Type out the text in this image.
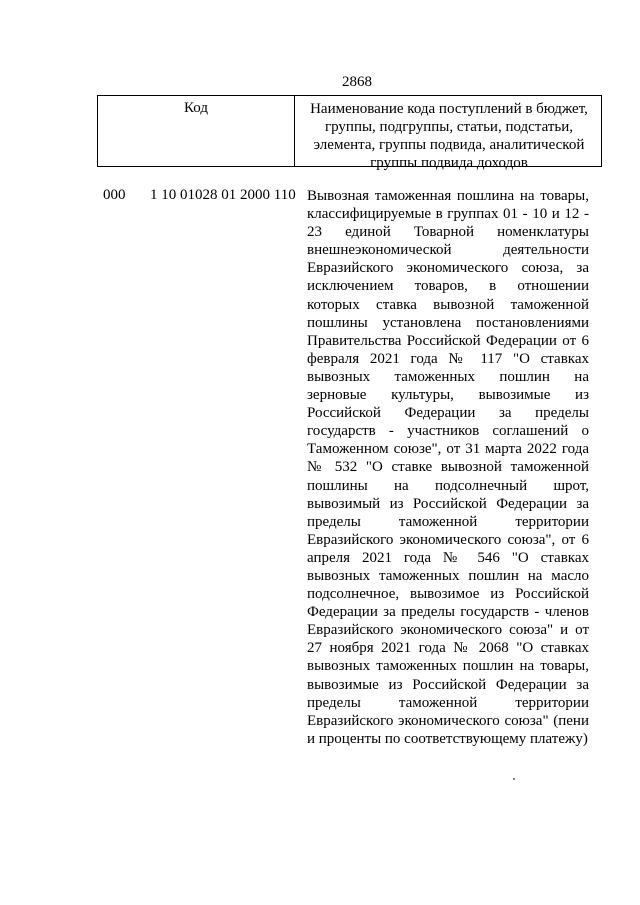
2868
Код	Наименование кода поступлений в бюджет, группы, подгруппы, статьи, подстатьи, элемента, группы подвида, аналитической группы подвида доходов
000 1 10 01028 01 2000 110 Вывозная таможенная пошлина на товары, классифицируемые в группах 01 - 10 и 12 - 23 единой Товарной номенклатуры внешнеэкономической деятельности Евразийского экономического союза, за исключением товаров, в отношении которых ставка вывозной таможенной пошлины установлена постановлениями Правительства Российской Федерации от 6 февраля 2021 года № 117 "О ставках вывозных таможенных пошлин на зерновые культуры, вывозимые из Российской Федерации за пределы государств - участников соглашений о Таможенном союзе", от 31 марта 2022 года № 532 "О ставке вывозной таможенной пошлины на подсолнечный шрот, вывозимый из Российской Федерации за пределы таможенной территории Евразийского экономического союза", от 6 апреля 2021 года № 546 "О ставках вывозных таможенных пошлин на масло подсолнечное, вывозимое из Российской Федерации за пределы государств - членов Евразийского экономического союза" и от 27 ноября 2021 года № 2068 "О ставках вывозных таможенных пошлин на товары, вывозимые из Российской Федерации за пределы таможенной территории Евразийского экономического союза" (пени и проценты по соответствующему платежу)
